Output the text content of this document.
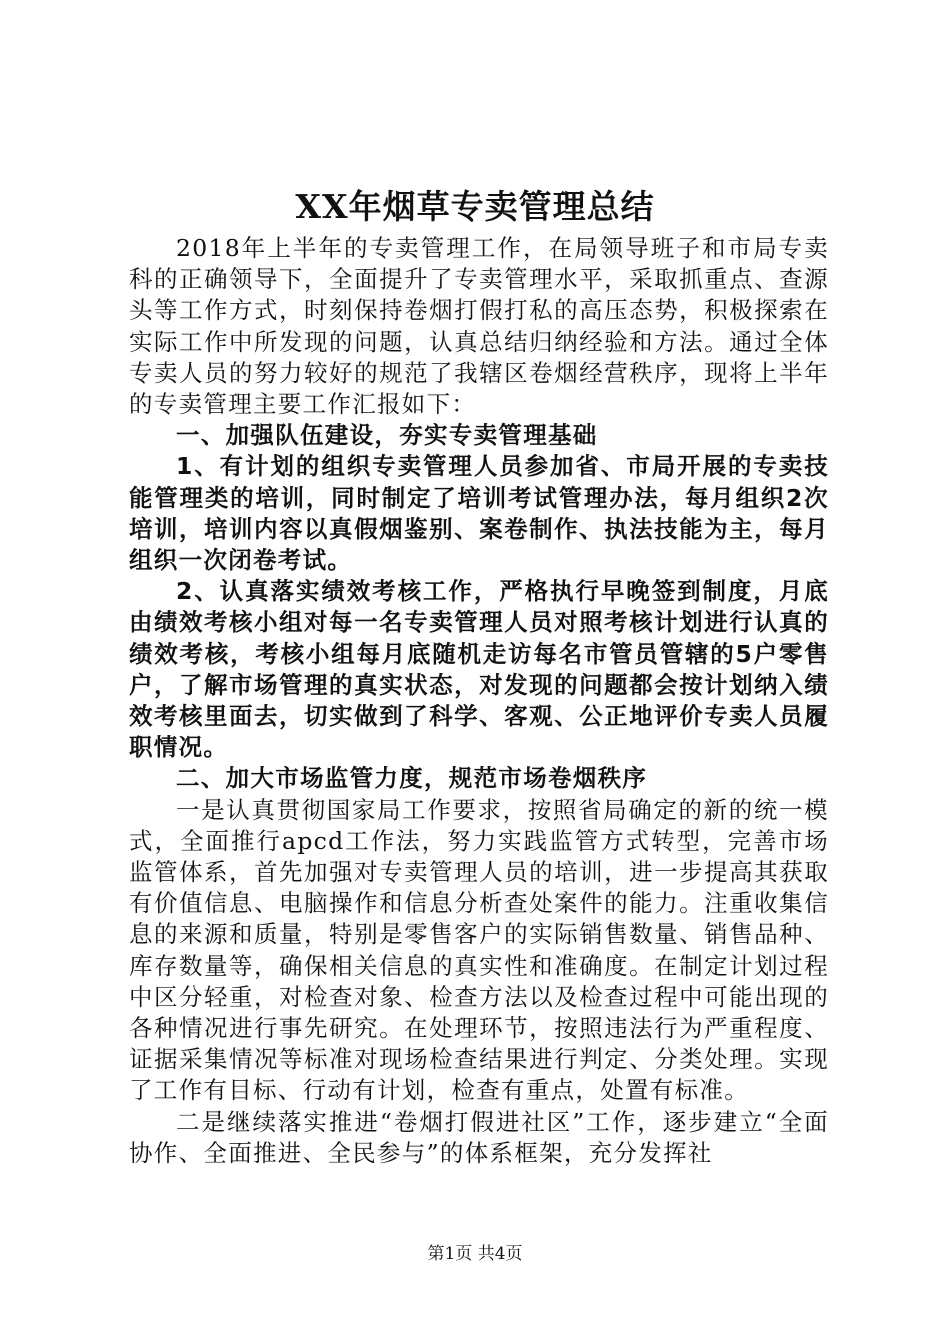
XX年烟草专卖管理总结

2018年上半年的专卖管理工作，在局领导班子和市局专卖科的正确领导下，全面提升了专卖管理水平，采取抓重点、查源头等工作方式，时刻保持卷烟打假打私的高压态势，积极探索在实际工作中所发现的问题，认真总结归纳经验和方法。通过全体专卖人员的努力较好的规范了我辖区卷烟经营秩序，现将上半年的专卖管理主要工作汇报如下：

一、加强队伍建设，夯实专卖管理基础

1、有计划的组织专卖管理人员参加省、市局开展的专卖技能管理类的培训，同时制定了培训考试管理办法，每月组织2次培训，培训内容以真假烟鉴别、案卷制作、执法技能为主，每月组织一次闭卷考试。

2、认真落实绩效考核工作，严格执行早晚签到制度，月底由绩效考核小组对每一名专卖管理人员对照考核计划进行认真的绩效考核，考核小组每月底随机走访每名市管员管辖的5户零售户，了解市场管理的真实状态，对发现的问题都会按计划纳入绩效考核里面去，切实做到了科学、客观、公正地评价专卖人员履职情况。

二、加大市场监管力度，规范市场卷烟秩序

一是认真贯彻国家局工作要求，按照省局确定的新的统一模式，全面推行apcd工作法，努力实践监管方式转型，完善市场监管体系，首先加强对专卖管理人员的培训，进一步提高其获取有价值信息、电脑操作和信息分析查处案件的能力。注重收集信息的来源和质量，特别是零售客户的实际销售数量、销售品种、库存数量等，确保相关信息的真实性和准确度。在制定计划过程中区分轻重，对检查对象、检查方法以及检查过程中可能出现的各种情况进行事先研究。在处理环节，按照违法行为严重程度、证据采集情况等标准对现场检查结果进行判定、分类处理。实现了工作有目标、行动有计划，检查有重点，处置有标准。

二是继续落实推进“卷烟打假进社区”工作，逐步建立“全面协作、全面推进、全民参与”的体系框架，充分发挥社

第1页 共4页
